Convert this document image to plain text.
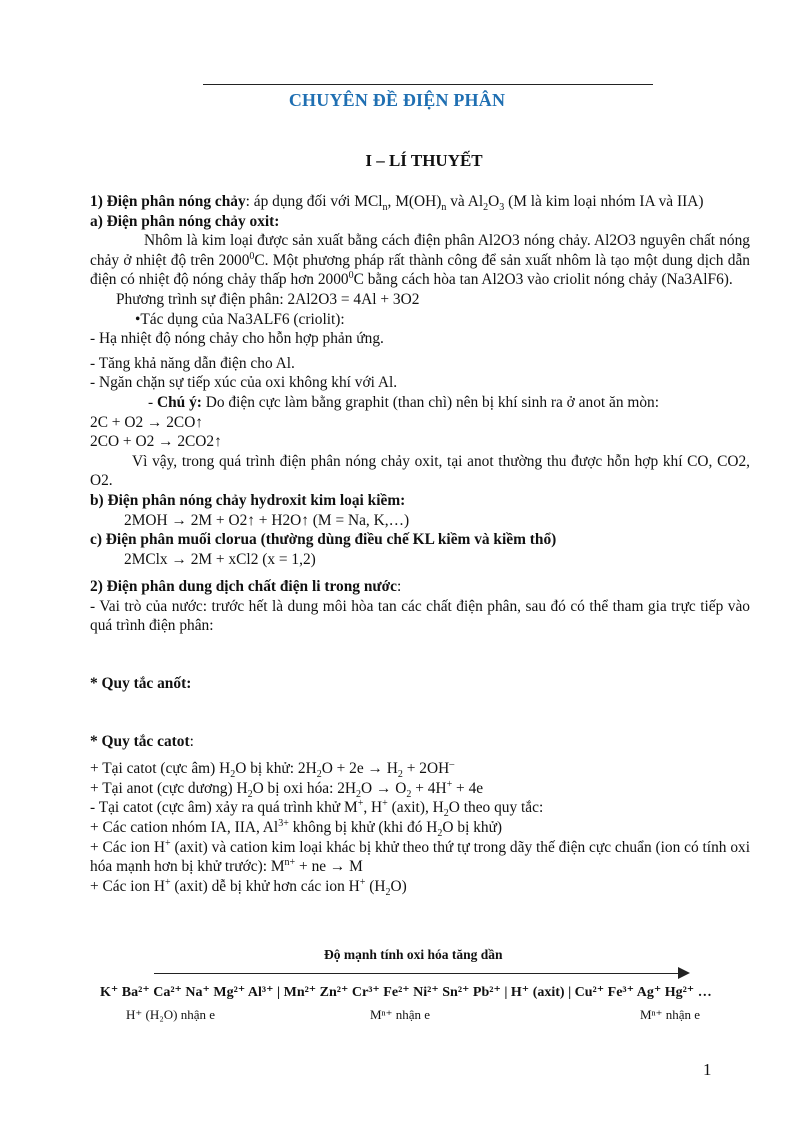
CHUYÊN ĐỀ ĐIỆN PHÂN
I – LÍ THUYẾT

1) Điện phân nóng chảy: áp dụng đối với MCl$_n$, $M(OH)_n$ và $Al_2O_3$ (M là kim loại nhóm IA và IIA)

a) Điện phân nóng chảy oxit:

Nhôm là kim loại được sản xuất bằng cách điện phân Al2O3 nóng chảy. Al2O3 nguyên chất nóng chảy ở nhiệt độ trên 2000$^0$C. Một phương pháp rất thành công để sản xuất nhôm là tạo một dung dịch dẫn điện có nhiệt độ nóng chảy thấp hơn 2000$^0$C bằng cách hòa tan Al2O3 vào criolit nóng chảy (Na3AlF6).

Phương trình sự điện phân: 2Al2O3 = 4Al + 3O2

•Tác dụng của Na3ALF6 (criolit):

- Hạ nhiệt độ nóng chảy cho hỗn hợp phản ứng.

- Tăng khả năng dẫn điện cho Al.

- Ngăn chặn sự tiếp xúc của oxi không khí với Al.

- Chú ý: Do điện cực làm bằng graphit (than chì) nên bị khí sinh ra ở anot ăn mòn:

2C + O2 → 2CO↑

2CO + O2 → 2CO2↑

Vì vậy, trong quá trình điện phân nóng chảy oxit, tại anot thường thu được hỗn hợp khí CO, CO2, O2.

b) Điện phân nóng chảy hydroxit kim loại kiềm:

2MOH → 2M + O2↑ + H2O↑ (M = Na, K,…)

c) Điện phân muối clorua (thường dùng điều chế KL kiềm và kiềm thổ)

2MClx → 2M + xCl2 (x = 1,2)

2) Điện phân dung dịch chất điện li trong nước:

- Vai trò của nước: trước hết là dung môi hòa tan các chất điện phân, sau đó có thể tham gia trực tiếp vào quá trình điện phân:

* Quy tắc anốt:

* Quy tắc catot:

+ Tại catot (cực âm) $H_2O$ bị khử: $2H_2O + 2e \to H_2 + 2OH^-$

+ Tại anot (cực dương) $H_2O$ bị oxi hóa: $2H_2O \to O_2 + 4H^+ + 4e$

- Tại catot (cực âm) xảy ra quá trình khử M+, H+ (axit), $H_2O$ theo quy tắc:

+ Các cation nhóm IA, IIA, $Al^{3+}$ không bị khử (khi đó $H_2O$ bị khử)

+ Các ion H+ (axit) và cation kim loại khác bị khử theo thứ tự trong dãy thế điện cực chuẩn (ion có tính oxi hóa mạnh hơn bị khử trước): $M^{n+}$ + ne → M

+ Các ion H+ (axit) dễ bị khử hơn các ion H+ $(H_2O)$

Độ mạnh tính oxi hóa tăng dần
K⁺ Ba²⁺ Ca²⁺ Na⁺ Mg²⁺ Al³⁺ | Mn²⁺ Zn²⁺ Cr³⁺ Fe²⁺ Ni²⁺ Sn²⁺ Pb²⁺ | H⁺ (axit) | Cu²⁺ Fe³⁺ Ag⁺ Hg²⁺ …
H⁺ (H₂O) nhận e	Mⁿ⁺ nhận e	Mⁿ⁺ nhận e
1
